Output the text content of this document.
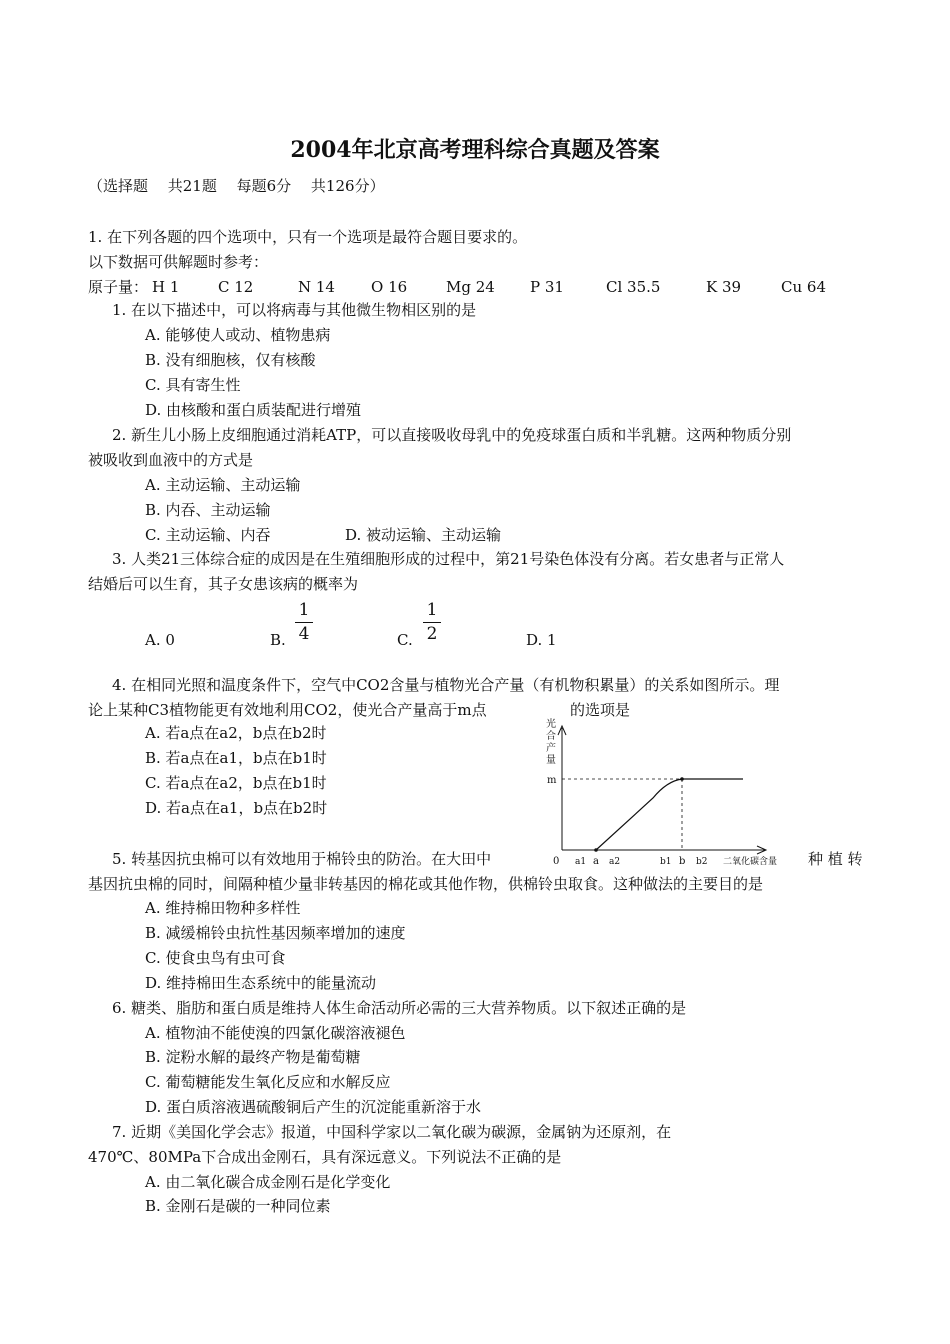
2004年北京高考理科综合真题及答案
（选择题　 共21题　 每题6分　 共126分）
1. 在下列各题的四个选项中，只有一个选项是最符合题目要求的。
以下数据可供解题时参考：
原子量： H 1	C 12	N 14 O 16	Mg 24 P 31	Cl 35.5	K 39	Cu 64
1. 在以下描述中，可以将病毒与其他微生物相区别的是
A. 能够使人或动、植物患病
B. 没有细胞核，仅有核酸
C. 具有寄生性
D. 由核酸和蛋白质装配进行增殖
2. 新生儿小肠上皮细胞通过消耗ATP，可以直接吸收母乳中的免疫球蛋白质和半乳糖。这两种物质分别
被吸收到血液中的方式是
A. 主动运输、主动运输
B. 内吞、主动运输
C. 主动运输、内吞	D. 被动运输、主动运输
3. 人类21三体综合症的成因是在生殖细胞形成的过程中，第21号染色体没有分离。若女患者与正常人
结婚后可以生育，其子女患该病的概率为
A. 0	B.
1
4	C.
1
2	D. 1
4. 在相同光照和温度条件下，空气中CO2含量与植物光合产量（有机物积累量）的关系如图所示。理
论上某种C3植物能更有效地利用CO2，使光合产量高于m点	的选项是
A. 若a点在a2，b点在b2时
B. 若a点在a1，b点在b1时
C. 若a点在a2，b点在b1时
D. 若a点在a1，b点在b2时
光
合
产
量
m
0 a1 a a2	b1 b b2 二氧化碳含量
5. 转基因抗虫棉可以有效地用于棉铃虫的防治。在大田中	种 植 转
基因抗虫棉的同时，间隔种植少量非转基因的棉花或其他作物，供棉铃虫取食。这种做法的主要目的是
A. 维持棉田物种多样性
B. 减缓棉铃虫抗性基因频率增加的速度
C. 使食虫鸟有虫可食
D. 维持棉田生态系统中的能量流动
6. 糖类、脂肪和蛋白质是维持人体生命活动所必需的三大营养物质。以下叙述正确的是
A. 植物油不能使溴的四氯化碳溶液褪色
B. 淀粉水解的最终产物是葡萄糖
C. 葡萄糖能发生氧化反应和水解反应
D. 蛋白质溶液遇硫酸铜后产生的沉淀能重新溶于水
7. 近期《美国化学会志》报道，中国科学家以二氧化碳为碳源，金属钠为还原剂，在
470℃、80MPa下合成出金刚石，具有深远意义。下列说法不正确的是
A. 由二氧化碳合成金刚石是化学变化
B. 金刚石是碳的一种同位素
